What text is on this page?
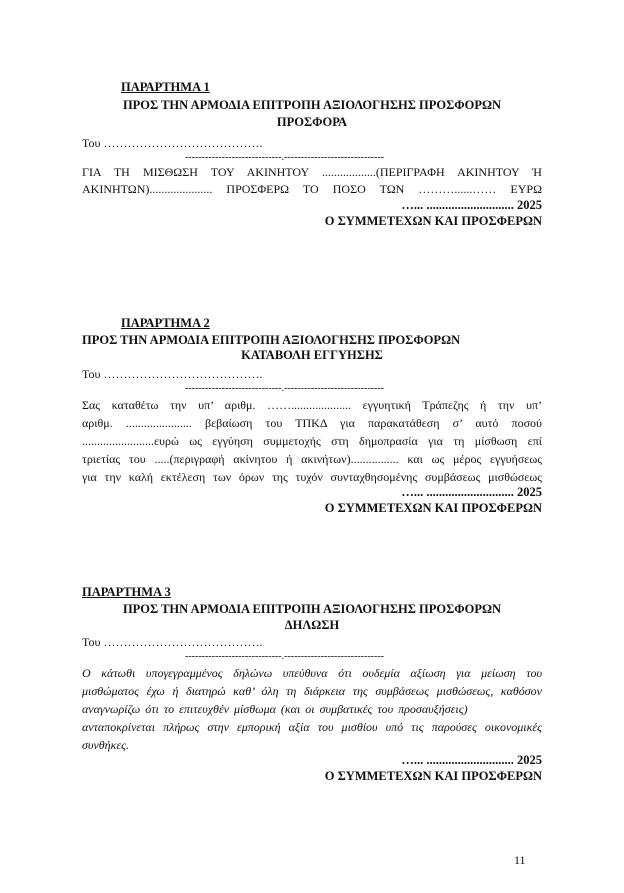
ΠΑΡΑΡΤΗΜΑ 1
ΠΡΟΣ ΤΗΝ ΑΡΜΟΔΙΑ ΕΠΙΤΡΟΠΗ ΑΞΙΟΛΟΓΗΣΗΣ ΠΡΟΣΦΟΡΩΝ
ΠΡΟΣΦΟΡΑ
Του ………………………………….
-----------------------------.------------------------------
ΓΙΑ ΤΗ ΜΙΣΘΩΣΗ ΤΟΥ ΑΚΙΝΗΤΟΥ ..................(ΠΕΡΙΓΡΑΦΗ ΑΚΙΝΗΤΟΥ Ή
ΑΚΙΝΗΤΩΝ)..................... ΠΡΟΣΦΕΡΩ ΤΟ ΠΟΣΟ ΤΩΝ ………......…… ΕΥΡΩ
…... ............................ 2025
Ο ΣΥΜΜΕΤΕΧΩΝ ΚΑΙ ΠΡΟΣΦΕΡΩΝ
ΠΑΡΑΡΤΗΜΑ 2
ΠΡΟΣ ΤΗΝ ΑΡΜΟΔΙΑ ΕΠΙΤΡΟΠΗ ΑΞΙΟΛΟΓΗΣΗΣ ΠΡΟΣΦΟΡΩΝ
ΚΑΤΑΒΟΛΗ ΕΓΓΥΗΣΗΣ
Του ………………………………….
-----------------------------.------------------------------
Σας καταθέτω την υπ’ αριθμ. …….................... εγγυητική Τράπεζης ή την υπ’
αριθμ. ...................... βεβαίωση του ΤΠΚΔ για παρακατάθεση σ’ αυτό ποσού
........................ευρώ ως εγγύηση συμμετοχής στη δημοπρασία για τη μίσθωση επί
τριετίας του .....(περιγραφή ακίνητου ή ακινήτων)................ και ως μέρος εγγυήσεως
για την καλή εκτέλεση των όρων της τυχόν συνταχθησομένης συμβάσεως μισθώσεως
…... ............................ 2025
Ο ΣΥΜΜΕΤΕΧΩΝ ΚΑΙ ΠΡΟΣΦΕΡΩΝ
ΠΑΡΑΡΤΗΜΑ 3
ΠΡΟΣ ΤΗΝ ΑΡΜΟΔΙΑ ΕΠΙΤΡΟΠΗ ΑΞΙΟΛΟΓΗΣΗΣ ΠΡΟΣΦΟΡΩΝ
ΔΗΛΩΣΗ
Του ………………………………….
-----------------------------.------------------------------
Ο κάτωθι υπογεγραμμένος δηλώνω υπεύθυνα ότι ουδεμία αξίωση για μείωση του
μισθώματος έχω ή διατηρώ καθ’ όλη τη διάρκεια της συμβάσεως μισθώσεως, καθόσον
αναγνωρίζω ότι το επιτευχθέν μίσθωμα (και οι συμβατικές του προσαυξήσεις)
ανταποκρίνεται πλήρως στην εμπορική αξία του μισθίου υπό τις παρούσες οικονομικές
συνθήκες.
…... ............................ 2025
Ο ΣΥΜΜΕΤΕΧΩΝ ΚΑΙ ΠΡΟΣΦΕΡΩΝ
11
